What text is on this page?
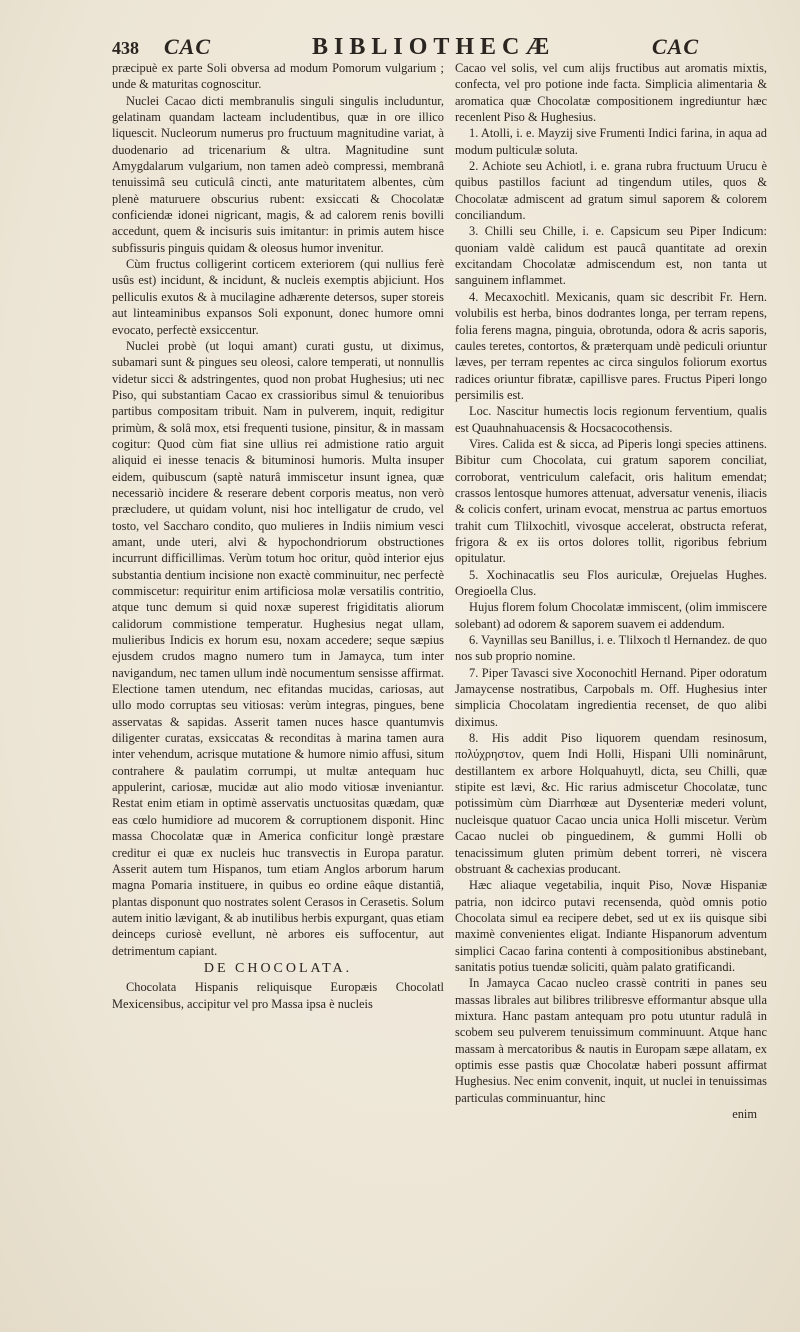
438 CAC	BIBLIOTHECÆ	CAC

præcipuè ex parte Soli obversa ad modum Pomorum vulgarium ; unde & maturitas cognoscitur.

Nuclei Cacao dicti membranulis singuli singulis includuntur, gelatinam quandam lacteam includentibus, quæ in ore illico liquescit. Nucleorum numerus pro fructuum magnitudine variat, à duodenario ad tricenarium & ultra. Magnitudine sunt Amygdalarum vulgarium, non tamen adeò compressi, membranâ tenuissimâ seu cuticulâ cincti, ante maturitatem albentes, cùm plenè maturuere obscurius rubent: exsiccati & Chocolatæ conficiendæ idonei nigricant, magis, & ad calorem renis bovilli accedunt, quem & incisuris suis imitantur: in primis autem hisce subfissuris pinguis quidam & oleosus humor invenitur.

Cùm fructus colligerint corticem exteriorem (qui nullius ferè usûs est) incidunt, & incidunt, & nucleis exemptis abjiciunt. Hos pelliculis exutos & à mucilagine adhærente detersos, super storeis aut linteaminibus expansos Soli exponunt, donec humore omni evocato, perfectè exsiccentur.

Nuclei probè (ut loqui amant) curati gustu, ut diximus, subamari sunt & pingues seu oleosi, calore temperati, ut nonnullis videtur sicci & adstringentes, quod non probat Hughesius; uti nec Piso, qui substantiam Cacao ex crassioribus simul & tenuioribus partibus compositam tribuit. Nam in pulverem, inquit, redigitur primùm, & solâ mox, etsi frequenti tusione, pinsitur, & in massam cogitur: Quod cùm fiat sine ullius rei admistione ratio arguit aliquid ei inesse tenacis & bituminosi humoris. Multa insuper eidem, quibuscum (saptè naturâ immiscetur insunt ignea, quæ necessariò incidere & reserare debent corporis meatus, non verò præcludere, ut quidam volunt, nisi hoc intelligatur de crudo, vel tosto, vel Saccharo condito, quo mulieres in Indiis nimium vesci amant, unde uteri, alvi & hypochondriorum obstructiones incurrunt difficillimas. Verùm totum hoc oritur, quòd interior ejus substantia dentium incisione non exactè comminuitur, nec perfectè commiscetur: requiritur enim artificiosa molæ versatilis contritio, atque tunc demum si quid noxæ superest frigiditatis aliorum calidorum commistione temperatur. Hughesius negat ullam, mulieribus Indicis ex horum esu, noxam accedere; seque sæpius ejusdem crudos magno numero tum in Jamayca, tum inter navigandum, nec tamen ullum indè nocumentum sensisse affirmat. Electione tamen utendum, nec efitandas mucidas, cariosas, aut ullo modo corruptas seu vitiosas: verùm integras, pingues, bene asservatas & sapidas. Asserit tamen nuces hasce quantumvis diligenter curatas, exsiccatas & reconditas à marina tamen aura inter vehendum, acrisque mutatione & humore nimio affusi, situm contrahere & paulatim corrumpi, ut multæ antequam huc appulerint, cariosæ, mucidæ aut alio modo vitiosæ inveniantur. Restat enim etiam in optimè asservatis unctuositas quædam, quæ eas cœlo humidiore ad mucorem & corruptionem disponit. Hinc massa Chocolatæ quæ in America conficitur longè præstare creditur ei quæ ex nucleis huc transvectis in Europa paratur. Asserit autem tum Hispanos, tum etiam Anglos arborum harum magna Pomaria instituere, in quibus eo ordine eâque distantiâ, plantas disponunt quo nostrates solent Cerasos in Cerasetis. Solum autem initio lævigant, & ab inutilibus herbis expurgant, quas etiam deinceps curiosè evellunt, nè arbores eis suffocentur, aut detrimentum capiant.

DE CHOCOLATA.

Chocolata Hispanis reliquisque Europæis Chocolatl Mexicensibus, accipitur vel pro Massa ipsa è nucleis

Cacao vel solis, vel cum alijs fructibus aut aromatis mixtis, confecta, vel pro potione inde facta. Simplicia alimentaria & aromatica quæ Chocolatæ compositionem ingrediuntur hæc recenlent Piso & Hughesius.

1. Atolli, i. e. Mayzij sive Frumenti Indici farina, in aqua ad modum pulticulæ soluta.

2. Achiote seu Achiotl, i. e. grana rubra fructuum Urucu è quibus pastillos faciunt ad tingendum utiles, quos & Chocolatæ admiscent ad gratum simul saporem & colorem conciliandum.

3. Chilli seu Chille, i. e. Capsicum seu Piper Indicum: quoniam valdè calidum est paucâ quantitate ad orexin excitandam Chocolatæ admiscendum est, non tanta ut sanguinem inflammet.

4. Mecaxochitl. Mexicanis, quam sic describit Fr. Hern. volubilis est herba, binos dodrantes longa, per terram repens, folia ferens magna, pinguia, obrotunda, odora & acris saporis, caules teretes, contortos, & præterquam undè pediculi oriuntur læves, per terram repentes ac circa singulos foliorum exortus radices oriuntur fibratæ, capillisve pares. Fructus Piperi longo persimilis est.

Loc. Nascitur humectis locis regionum ferventium, qualis est Quauhnahuacensis & Hocsacocothensis.

Vires. Calida est & sicca, ad Piperis longi species attinens. Bibitur cum Chocolata, cui gratum saporem conciliat, corroborat, ventriculum calefacit, oris halitum emendat; crassos lentosque humores attenuat, adversatur venenis, iliacis & colicis confert, urinam evocat, menstrua ac partus emortuos trahit cum Tlilxochitl, vivosque accelerat, obstructa referat, frigora & ex iis ortos dolores tollit, rigoribus febrium opitulatur.

5. Xochinacatlis seu Flos auriculæ, Orejuelas Hughes. Oregioella Clus.

Hujus florem folum Chocolatæ immiscent, (olim immiscere solebant) ad odorem & saporem suavem ei addendum.

6. Vaynillas seu Banillus, i. e. Tlilxoch tl Hernandez. de quo nos sub proprio nomine.

7. Piper Tavasci sive Xoconochitl Hernand. Piper odoratum Jamaycense nostratibus, Carpobals m. Off. Hughesius inter simplicia Chocolatam ingredientia recenset, de quo alibi diximus.

8. His addit Piso liquorem quendam resinosum, πολύχρηστον, quem Indi Holli, Hispani Ulli nominârunt, destillantem ex arbore Holquahuytl, dicta, seu Chilli, quæ stipite est lævi, &c. Hic rarius admiscetur Chocolatæ, tunc potissimùm cùm Diarrhœæ aut Dysenteriæ mederi volunt, nucleisque quatuor Cacao uncia unica Holli miscetur. Verùm Cacao nuclei ob pinguedinem, & gummi Holli ob tenacissimum gluten primùm debent torreri, nè viscera obstruant & cachexias producant.

Hæc aliaque vegetabilia, inquit Piso, Novæ Hispaniæ patria, non idcirco putavi recensenda, quòd omnis potio Chocolata simul ea recipere debet, sed ut ex iis quisque sibi maximè convenientes eligat. Indiante Hispanorum adventum simplici Cacao farina contenti à compositionibus abstinebant, sanitatis potius tuendæ soliciti, quàm palato gratificandi.

In Jamayca Cacao nucleo crassè contriti in panes seu massas librales aut bilibres trilibresve efformantur absque ulla mixtura. Hanc pastam antequam pro potu utuntur radulâ in scobem seu pulverem tenuissimum comminuunt. Atque hanc massam à mercatoribus & nautis in Europam sæpe allatam, ex optimis esse pastis quæ Chocolatæ haberi possunt affirmat Hughesius. Nec enim convenit, inquit, ut nuclei in tenuissimas particulas comminuantur, hinc

enim
